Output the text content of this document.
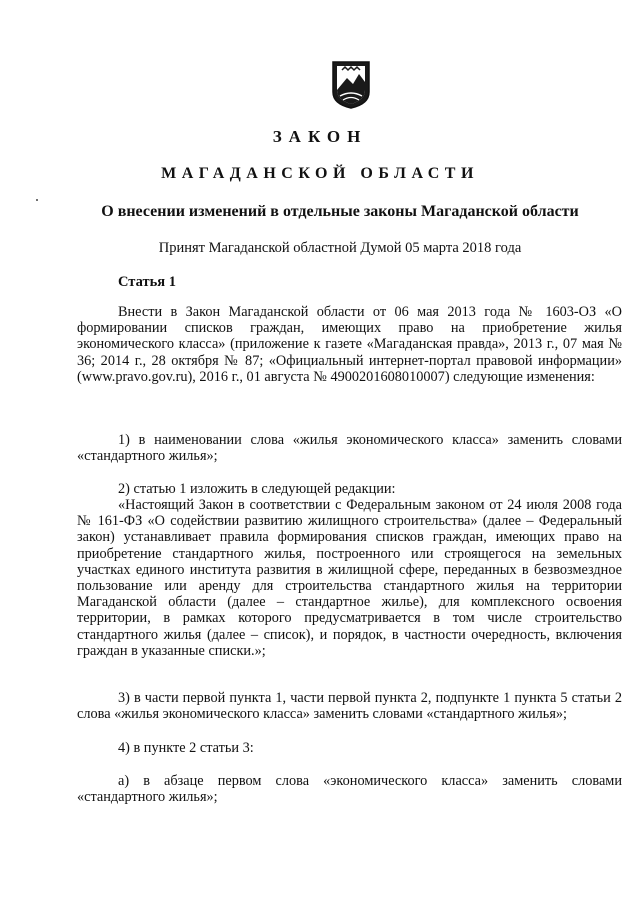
ЗАКОН
МАГАДАНСКОЙ ОБЛАСТИ
О внесении изменений в отдельные законы Магаданской области
Принят Магаданской областной Думой 05 марта 2018 года
Статья 1
Внести в Закон Магаданской области от 06 мая 2013 года № 1603-ОЗ «О формировании списков граждан, имеющих право на приобретение жилья экономического класса» (приложение к газете «Магаданская правда», 2013 г., 07 мая № 36; 2014 г., 28 октября № 87; «Официальный интернет-портал правовой информации» (www.pravo.gov.ru), 2016 г., 01 августа № 4900201608010007) следующие изменения:
1) в наименовании слова «жилья экономического класса» заменить словами «стандартного жилья»;
2) статью 1 изложить в следующей редакции:
«Настоящий Закон в соответствии с Федеральным законом от 24 июля 2008 года № 161-ФЗ «О содействии развитию жилищного строительства» (далее – Федеральный закон) устанавливает правила формирования списков граждан, имеющих право на приобретение стандартного жилья, построенного или строящегося на земельных участках единого института развития в жилищной сфере, переданных в безвозмездное пользование или аренду для строительства стандартного жилья на территории Магаданской области (далее – стандартное жилье), для комплексного освоения территории, в рамках которого предусматривается в том числе строительство стандартного жилья (далее – список), и порядок, в частности очередность, включения граждан в указанные списки.»;
3) в части первой пункта 1, части первой пункта 2, подпункте 1 пункта 5 статьи 2 слова «жилья экономического класса» заменить словами «стандартного жилья»;
4) в пункте 2 статьи 3:
а) в абзаце первом слова «экономического класса» заменить словами «стандартного жилья»;
